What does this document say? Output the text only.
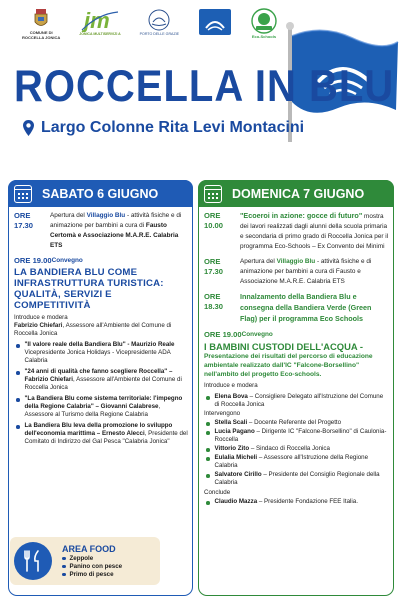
COMUNE DI
ROCCELLA JONICA
jm
JONICA MULTISERVIZI A	PORTO DELLE GRAZIE	Eco-Schools
ROCCELLA IN BLU
Largo Colonne Rita Levi Montacini
SABATO 6 GIUGNO
ORE 17.30
Apertura del Villaggio Blu - attività fisiche e di animazione per bambini a cura di Fausto Certomà e Associazione M.A.R.E. Calabria ETS
ORE 19.00 Convegno
LA BANDIERA BLU COME INFRASTRUTTURA TURISTICA: QUALITÀ, SERVIZI E COMPETITIVITÀ
Introduce e modera
Fabrizio Chiefari, Assessore all'Ambiente del Comune di Roccella Jonica
"Il valore reale della Bandiera Blu" - Maurizio Reale Vicepresidente Jonica Holidays - Vicepresidente ADA Calabria
"24 anni di qualità che fanno scegliere Roccella" – Fabrizio Chiefari, Assessore all'Ambiente del Comune di Roccella Jonica
"La Bandiera Blu come sistema territoriale: l'impegno della Regione Calabria" – Giovanni Calabrese, Assessore al Turismo della Regione Calabria
La Bandiera Blu leva della promozione lo sviluppo dell'economia marittima – Ernesto Alecci, Presidente del Comitato di Indirizzo del Gal Pesca "Calabria Jonica"
AREA FOOD
Zeppole
Panino con pesce
Primo di pesce
DOMENICA 7 GIUGNO
ORE 10.00
"Ecoeroi in azione: gocce di futuro" mostra dei lavori realizzati dagli alunni della scuola primaria e secondaria di primo grado di Roccella Jonica per il programma Eco-Schools – Ex Convento dei Minimi
ORE 17.30
Apertura del Villaggio Blu - attività fisiche e di animazione per bambini a cura di Fausto e Associazione M.A.R.E. Calabria ETS
ORE 18.30
Innalzamento della Bandiera Blu e consegna della Bandiera Verde (Green Flag) per il programma Eco Schools
ORE 19.00 Convegno
I BAMBINI CUSTODI DELL'ACQUA -
Presentazione dei risultati del percorso di educazione ambientale realizzato dall'IC "Falcone-Borsellino" nell'ambito del progetto Eco-schools.
Introduce e modera
Elena Bova – Consigliere Delegato all'Istruzione del Comune di Roccella Jonica
Intervengono
Stella Scali – Docente Referente del Progetto
Lucia Pagano – Dirigente IC "Falcone-Borsellino" di Caulonia-Roccella
Vittorio Zito – Sindaco di Roccella Jonica
Eulalia Micheli – Assessore all'Istruzione della Regione Calabria
Salvatore Cirillo – Presidente del Consiglio Regionale della Calabria
Conclude
Claudio Mazza – Presidente Fondazione FEE Italia.
